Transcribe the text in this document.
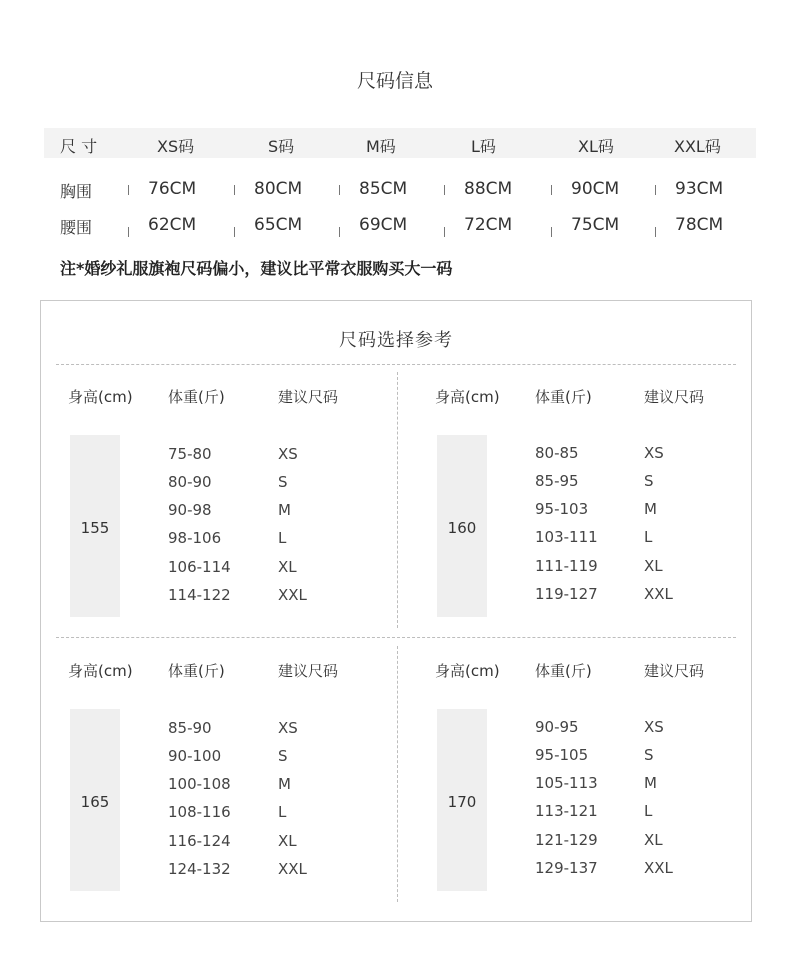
尺码信息
尺 寸	XS码	S码	M码	L码	XL码	XXL码
胸围	76CM	80CM	85CM	88CM	90CM	93CM
腰围	62CM	65CM	69CM	72CM	75CM	78CM
注*婚纱礼服旗袍尺码偏小，建议比平常衣服购买大一码
尺码选择参考
身高(cm) 体重(斤)	建议尺码
155
75-80	XS
80-90	S
90-98	M
98-106	L
106-114	XL
114-122	XXL
身高(cm) 体重(斤)	建议尺码
160
80-85	XS
85-95	S
95-103	M
103-111	L
111-119	XL
119-127	XXL
身高(cm) 体重(斤)	建议尺码
165
85-90	XS
90-100	S
100-108	M
108-116	L
116-124	XL
124-132	XXL
身高(cm) 体重(斤)	建议尺码
170
90-95	XS
95-105	S
105-113	M
113-121	L
121-129	XL
129-137	XXL
